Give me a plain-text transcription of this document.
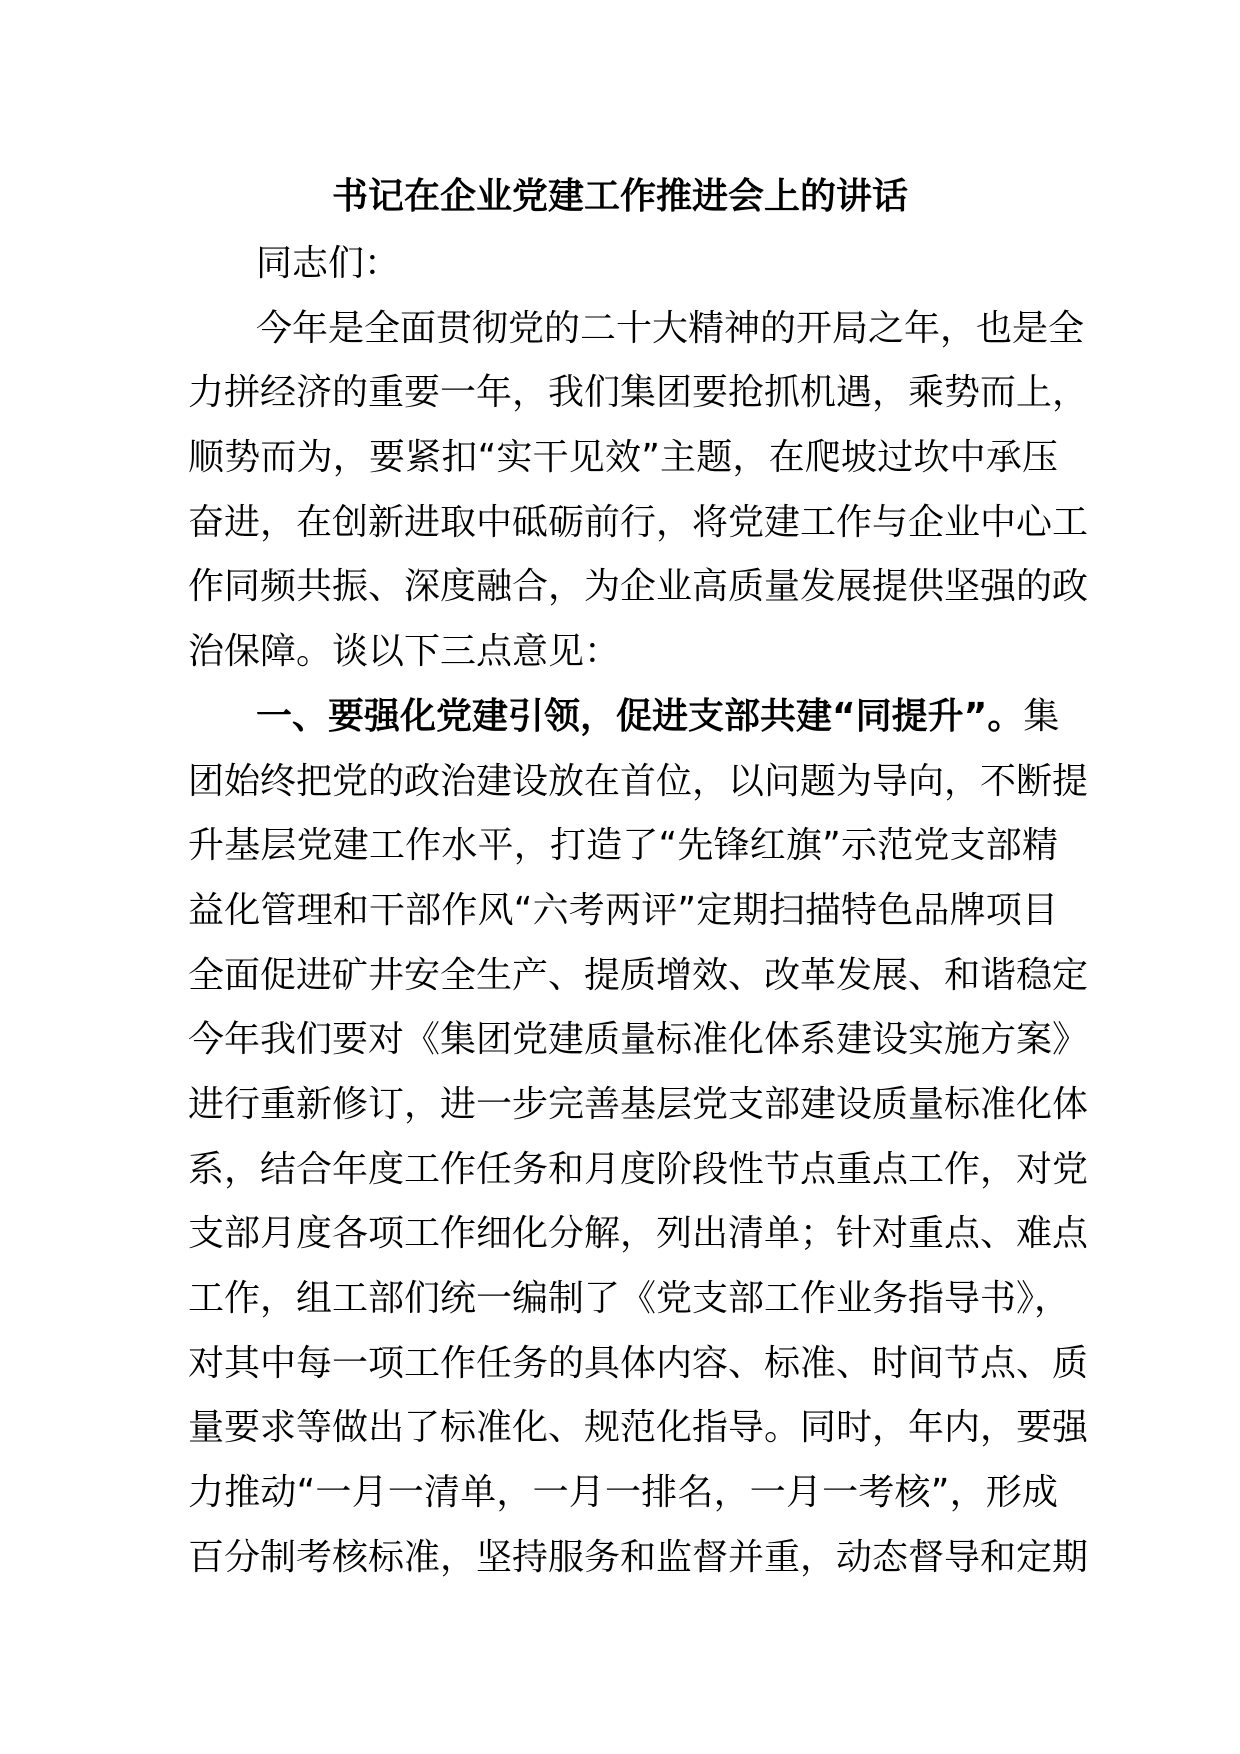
书记在企业党建工作推进会上的讲话
同志们：
今年是全面贯彻党的二十大精神的开局之年，也是全
力拼经济的重要一年，我们集团要抢抓机遇，乘势而上，
顺势而为，要紧扣“实干见效”主题，在爬坡过坎中承压
奋进，在创新进取中砥砺前行，将党建工作与企业中心工
作同频共振、深度融合，为企业高质量发展提供坚强的政
治保障。谈以下三点意见：
一、要强化党建引领，促进支部共建“同提升”。集
团始终把党的政治建设放在首位，以问题为导向，不断提
升基层党建工作水平，打造了“先锋红旗”示范党支部精
益化管理和干部作风“六考两评”定期扫描特色品牌项目
全面促进矿井安全生产、提质增效、改革发展、和谐稳定
今年我们要对《集团党建质量标准化体系建设实施方案》
进行重新修订，进一步完善基层党支部建设质量标准化体
系，结合年度工作任务和月度阶段性节点重点工作，对党
支部月度各项工作细化分解，列出清单；针对重点、难点
工作，组工部们统一编制了《党支部工作业务指导书》，
对其中每一项工作任务的具体内容、标准、时间节点、质
量要求等做出了标准化、规范化指导。同时，年内，要强
力推动“一月一清单，一月一排名，一月一考核”，形成
百分制考核标准，坚持服务和监督并重，动态督导和定期
